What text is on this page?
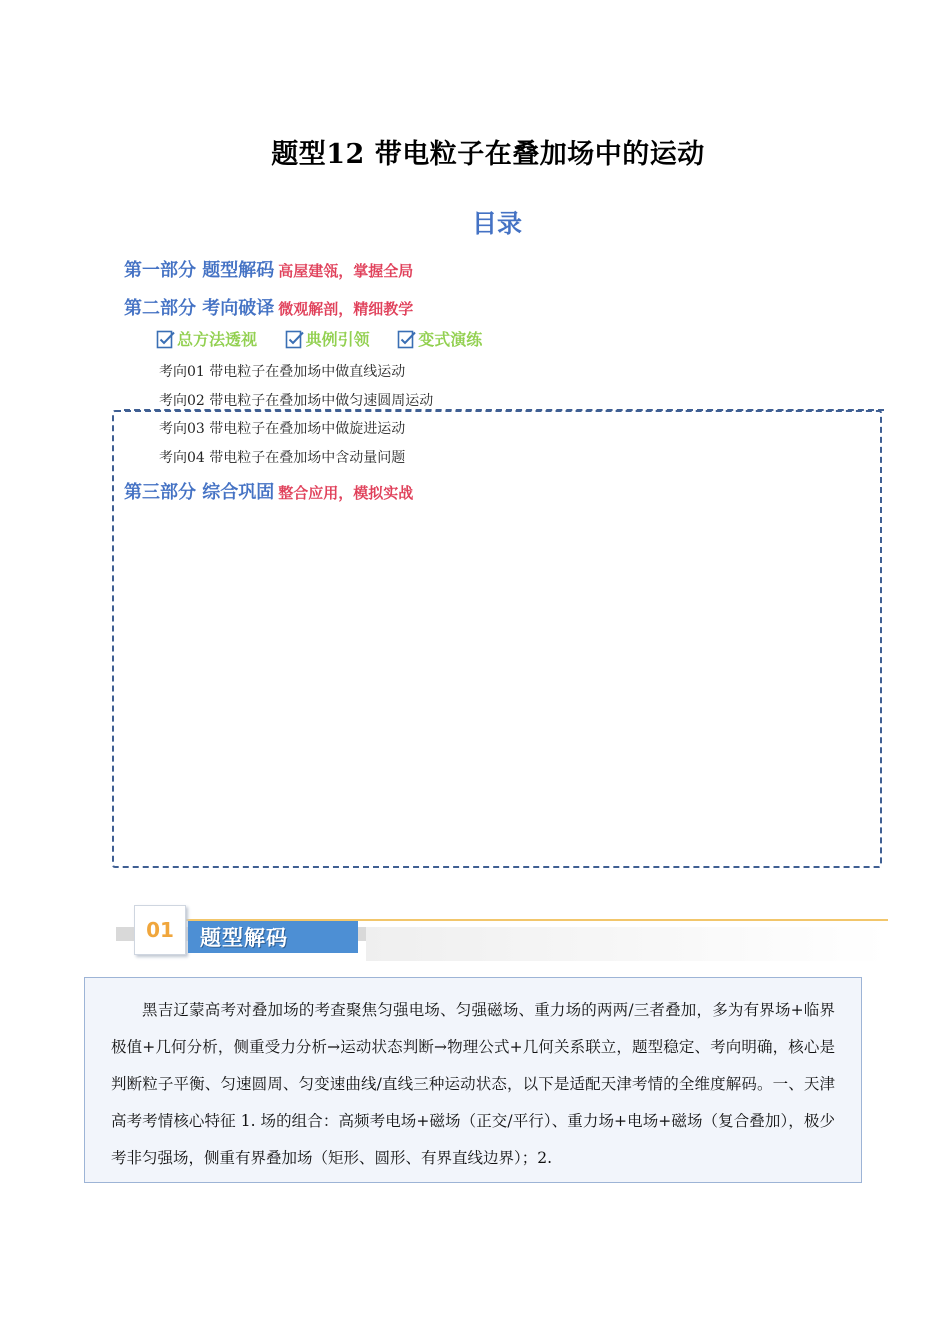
题型12 带电粒子在叠加场中的运动
目录
第一部分 题型解码 高屋建瓴，掌握全局
第二部分 考向破译 微观解剖，精细教学
总方法透视
	典例引领
	变式演练
考向01 带电粒子在叠加场中做直线运动
考向02 带电粒子在叠加场中做匀速圆周运动
考向03 带电粒子在叠加场中做旋进运动
考向04 带电粒子在叠加场中含动量问题
第三部分 综合巩固 整合应用，模拟实战
01	题型解码
黑吉辽蒙高考对叠加场的考查聚焦匀强电场、匀强磁场、重力场的两两/三者叠加，多为有界场+临界极值+几何分析，侧重受力分析→运动状态判断→物理公式+几何关系联立，题型稳定、考向明确，核心是判断粒子平衡、匀速圆周、匀变速曲线/直线三种运动状态，以下是适配天津考情的全维度解码。一、天津高考考情核心特征 1. 场的组合：高频考电场+磁场（正交/平行）、重力场+电场+磁场（复合叠加），极少考非匀强场，侧重有界叠加场（矩形、圆形、有界直线边界）；2.
